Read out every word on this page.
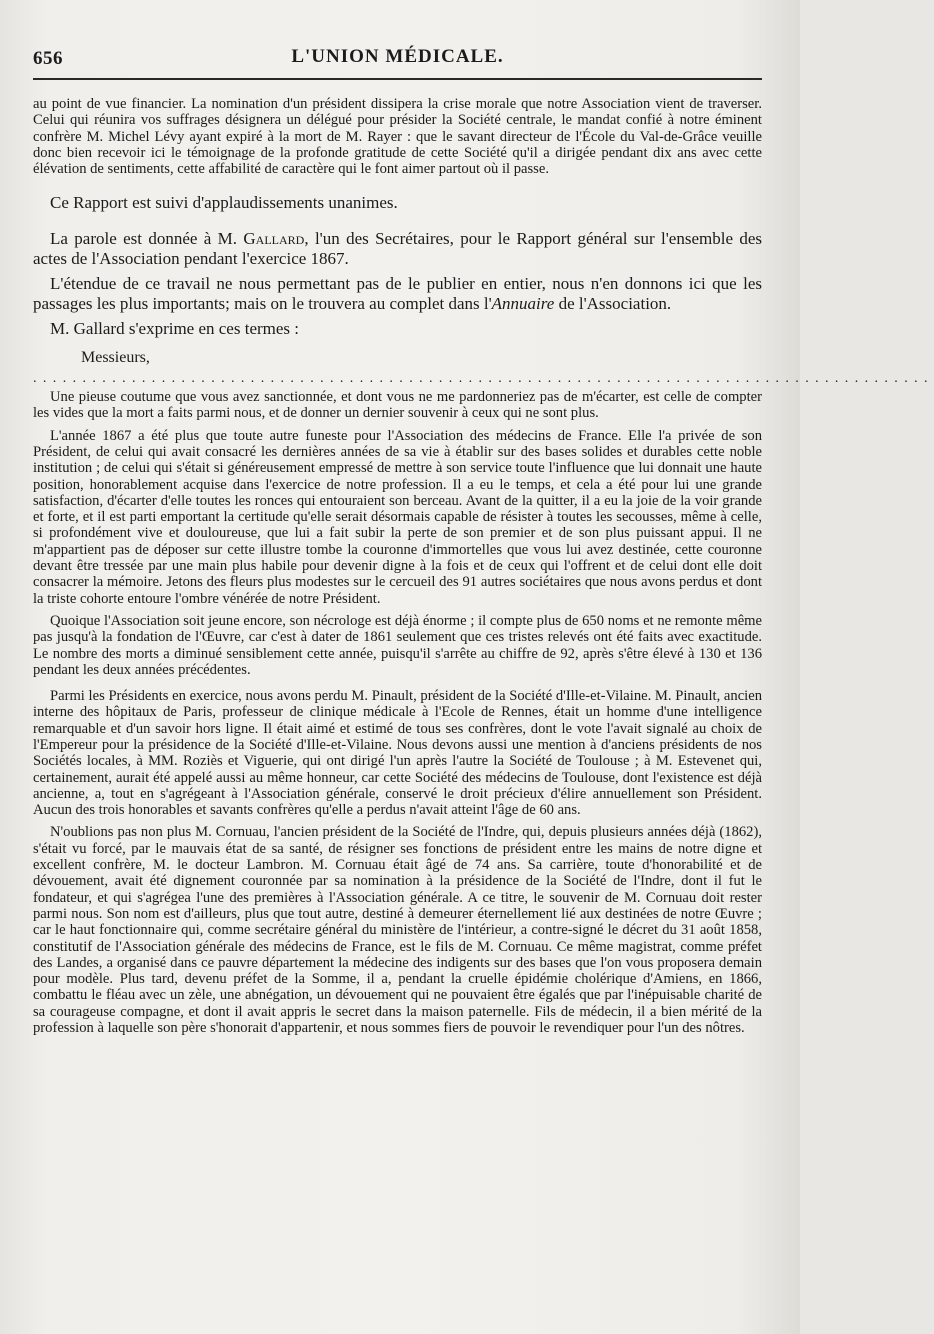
656	L'UNION MÉDICALE.

au point de vue financier. La nomination d'un président dissipera la crise morale que notre Association vient de traverser. Celui qui réunira vos suffrages désignera un délégué pour présider la Société centrale, le mandat confié à notre éminent confrère M. Michel Lévy ayant expiré à la mort de M. Rayer : que le savant directeur de l'École du Val-de-Grâce veuille donc bien recevoir ici le témoignage de la profonde gratitude de cette Société qu'il a dirigée pendant dix ans avec cette élévation de sentiments, cette affabilité de caractère qui le font aimer partout où il passe.

Ce Rapport est suivi d'applaudissements unanimes.

La parole est donnée à M. Gallard, l'un des Secrétaires, pour le Rapport général sur l'ensemble des actes de l'Association pendant l'exercice 1867.

L'étendue de ce travail ne nous permettant pas de le publier en entier, nous n'en donnons ici que les passages les plus importants; mais on le trouvera au complet dans l'Annuaire de l'Association.

M. Gallard s'exprime en ces termes :

Messieurs,
...........................................................................................

Une pieuse coutume que vous avez sanctionnée, et dont vous ne me pardonneriez pas de m'écarter, est celle de compter les vides que la mort a faits parmi nous, et de donner un dernier souvenir à ceux qui ne sont plus.

L'année 1867 a été plus que toute autre funeste pour l'Association des médecins de France. Elle l'a privée de son Président, de celui qui avait consacré les dernières années de sa vie à établir sur des bases solides et durables cette noble institution ; de celui qui s'était si généreusement empressé de mettre à son service toute l'influence que lui donnait une haute position, honorablement acquise dans l'exercice de notre profession. Il a eu le temps, et cela a été pour lui une grande satisfaction, d'écarter d'elle toutes les ronces qui entouraient son berceau. Avant de la quitter, il a eu la joie de la voir grande et forte, et il est parti emportant la certitude qu'elle serait désormais capable de résister à toutes les secousses, même à celle, si profondément vive et douloureuse, que lui a fait subir la perte de son premier et de son plus puissant appui. Il ne m'appartient pas de déposer sur cette illustre tombe la couronne d'immortelles que vous lui avez destinée, cette couronne devant être tressée par une main plus habile pour devenir digne à la fois et de ceux qui l'offrent et de celui dont elle doit consacrer la mémoire. Jetons des fleurs plus modestes sur le cercueil des 91 autres sociétaires que nous avons perdus et dont la triste cohorte entoure l'ombre vénérée de notre Président.

Quoique l'Association soit jeune encore, son nécrologe est déjà énorme ; il compte plus de 650 noms et ne remonte même pas jusqu'à la fondation de l'Œuvre, car c'est à dater de 1861 seulement que ces tristes relevés ont été faits avec exactitude. Le nombre des morts a diminué sensiblement cette année, puisqu'il s'arrête au chiffre de 92, après s'être élevé à 130 et 136 pendant les deux années précédentes.

Parmi les Présidents en exercice, nous avons perdu M. Pinault, président de la Société d'Ille-et-Vilaine. M. Pinault, ancien interne des hôpitaux de Paris, professeur de clinique médicale à l'Ecole de Rennes, était un homme d'une intelligence remarquable et d'un savoir hors ligne. Il était aimé et estimé de tous ses confrères, dont le vote l'avait signalé au choix de l'Empereur pour la présidence de la Société d'Ille-et-Vilaine. Nous devons aussi une mention à d'anciens présidents de nos Sociétés locales, à MM. Roziès et Viguerie, qui ont dirigé l'un après l'autre la Société de Toulouse ; à M. Estevenet qui, certainement, aurait été appelé aussi au même honneur, car cette Société des médecins de Toulouse, dont l'existence est déjà ancienne, a, tout en s'agrégeant à l'Association générale, conservé le droit précieux d'élire annuellement son Président. Aucun des trois honorables et savants confrères qu'elle a perdus n'avait atteint l'âge de 60 ans.

N'oublions pas non plus M. Cornuau, l'ancien président de la Société de l'Indre, qui, depuis plusieurs années déjà (1862), s'était vu forcé, par le mauvais état de sa santé, de résigner ses fonctions de président entre les mains de notre digne et excellent confrère, M. le docteur Lambron. M. Cornuau était âgé de 74 ans. Sa carrière, toute d'honorabilité et de dévouement, avait été dignement couronnée par sa nomination à la présidence de la Société de l'Indre, dont il fut le fondateur, et qui s'agrégea l'une des premières à l'Association générale. A ce titre, le souvenir de M. Cornuau doit rester parmi nous. Son nom est d'ailleurs, plus que tout autre, destiné à demeurer éternellement lié aux destinées de notre Œuvre ; car le haut fonctionnaire qui, comme secrétaire général du ministère de l'intérieur, a contre-signé le décret du 31 août 1858, constitutif de l'Association générale des médecins de France, est le fils de M. Cornuau. Ce même magistrat, comme préfet des Landes, a organisé dans ce pauvre département la médecine des indigents sur des bases que l'on vous proposera demain pour modèle. Plus tard, devenu préfet de la Somme, il a, pendant la cruelle épidémie cholérique d'Amiens, en 1866, combattu le fléau avec un zèle, une abnégation, un dévouement qui ne pouvaient être égalés que par l'inépuisable charité de sa courageuse compagne, et dont il avait appris le secret dans la maison paternelle. Fils de médecin, il a bien mérité de la profession à laquelle son père s'honorait d'appartenir, et nous sommes fiers de pouvoir le revendiquer pour l'un des nôtres.
